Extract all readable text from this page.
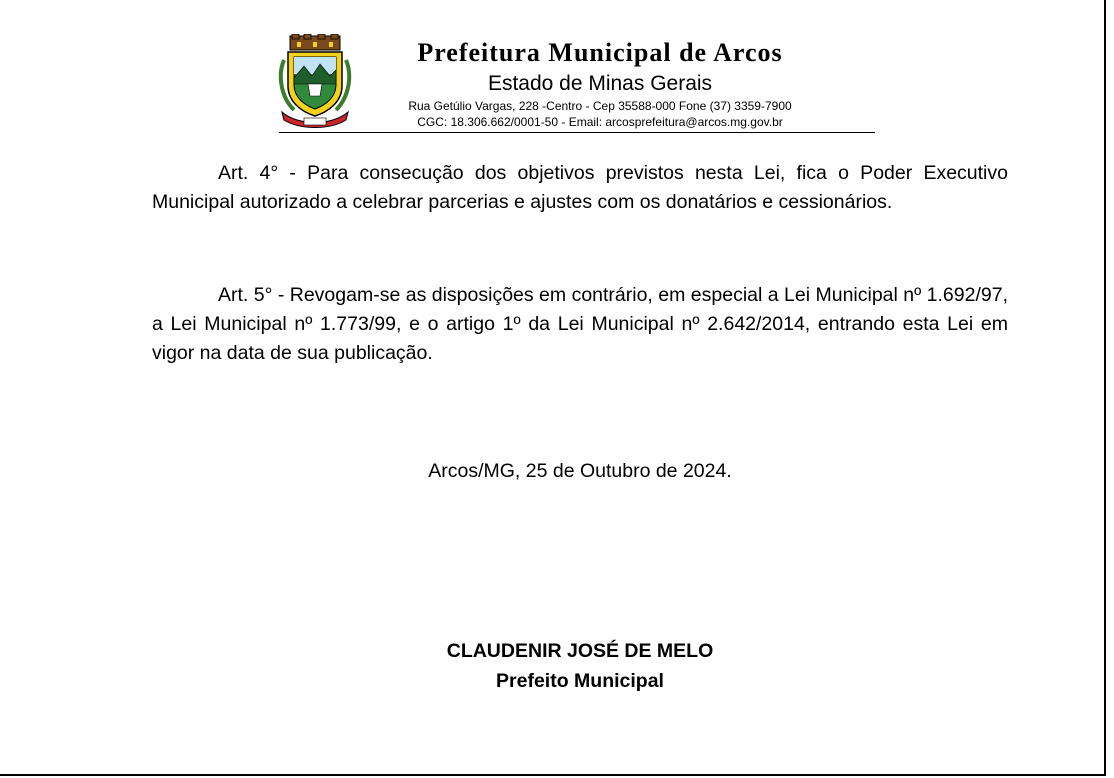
Prefeitura Municipal de Arcos
Estado de Minas Gerais
Rua Getúlio Vargas, 228 -Centro - Cep 35588-000 Fone (37) 3359-7900
CGC: 18.306.662/0001-50 - Email: arcosprefeitura@arcos.mg.gov.br

Art. 4° - Para consecução dos objetivos previstos nesta Lei, fica o Poder Executivo Municipal autorizado a celebrar parcerias e ajustes com os donatários e cessionários.

Art. 5° - Revogam-se as disposições em contrário, em especial a Lei Municipal nº 1.692/97, a Lei Municipal nº 1.773/99, e o artigo 1º da Lei Municipal nº 2.642/2014, entrando esta Lei em vigor na data de sua publicação.

Arcos/MG, 25 de Outubro de 2024.
CLAUDENIR JOSÉ DE MELO
Prefeito Municipal
